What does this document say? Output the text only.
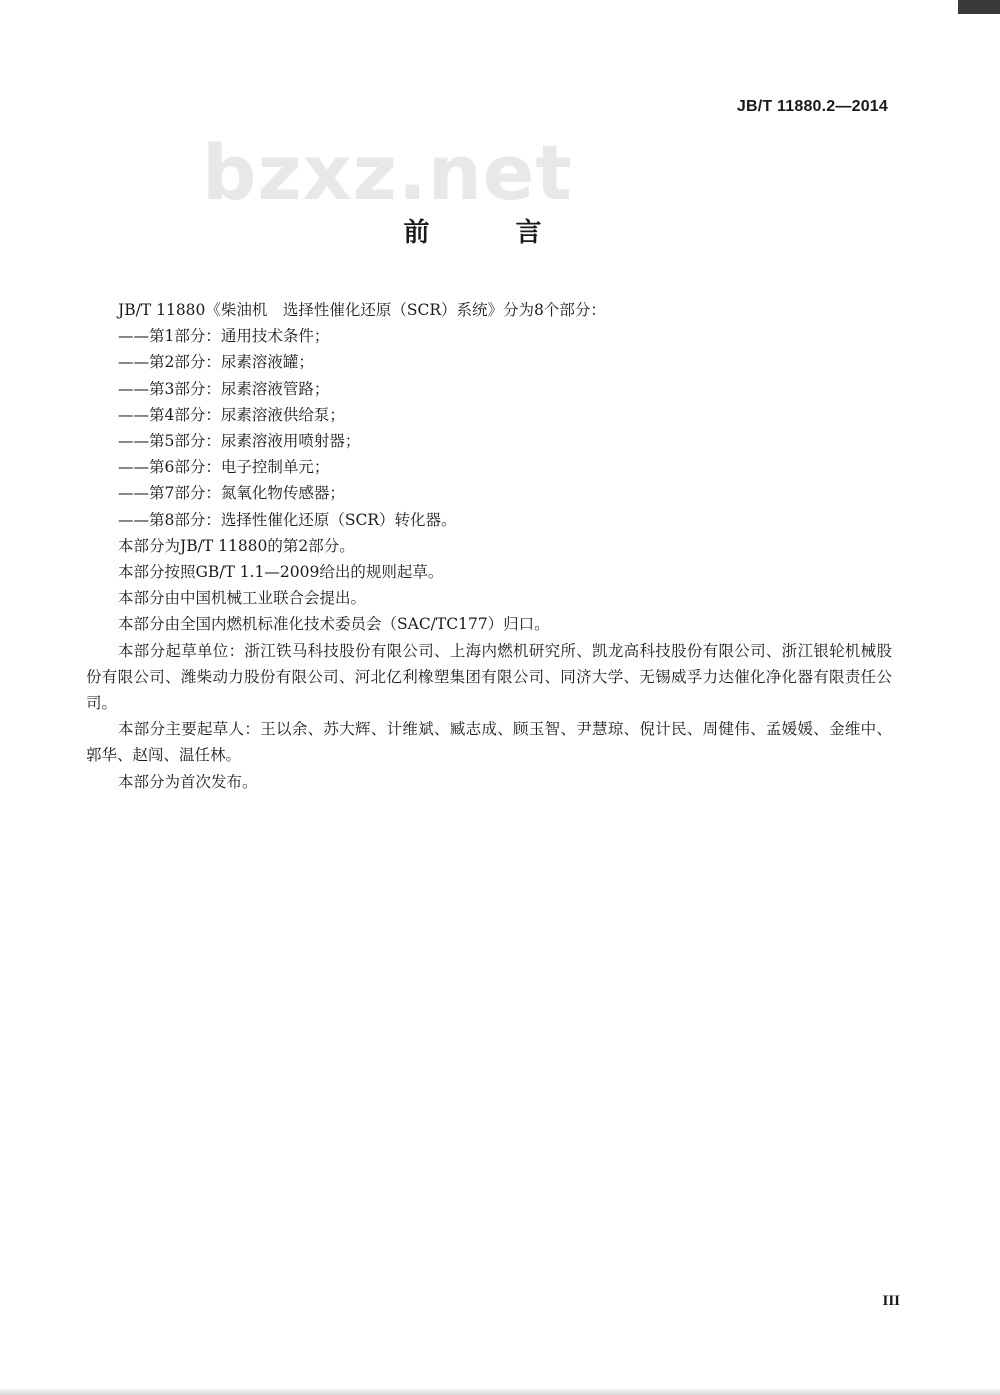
JB/T 11880.2—2014
bzxz.net
前　言
JB/T 11880《柴油机　选择性催化还原（SCR）系统》分为8个部分：
——第1部分：通用技术条件；
——第2部分：尿素溶液罐；
——第3部分：尿素溶液管路；
——第4部分：尿素溶液供给泵；
——第5部分：尿素溶液用喷射器；
——第6部分：电子控制单元；
——第7部分：氮氧化物传感器；
——第8部分：选择性催化还原（SCR）转化器。
本部分为JB/T 11880的第2部分。
本部分按照GB/T 1.1—2009给出的规则起草。
本部分由中国机械工业联合会提出。
本部分由全国内燃机标准化技术委员会（SAC/TC177）归口。
本部分起草单位：浙江铁马科技股份有限公司、上海内燃机研究所、凯龙高科技股份有限公司、浙江银轮机械股份有限公司、潍柴动力股份有限公司、河北亿利橡塑集团有限公司、同济大学、无锡威孚力达催化净化器有限责任公司。
本部分主要起草人：王以余、苏大辉、计维斌、臧志成、顾玉智、尹慧琼、倪计民、周健伟、孟媛媛、金维中、郭华、赵闯、温任林。
本部分为首次发布。
III
